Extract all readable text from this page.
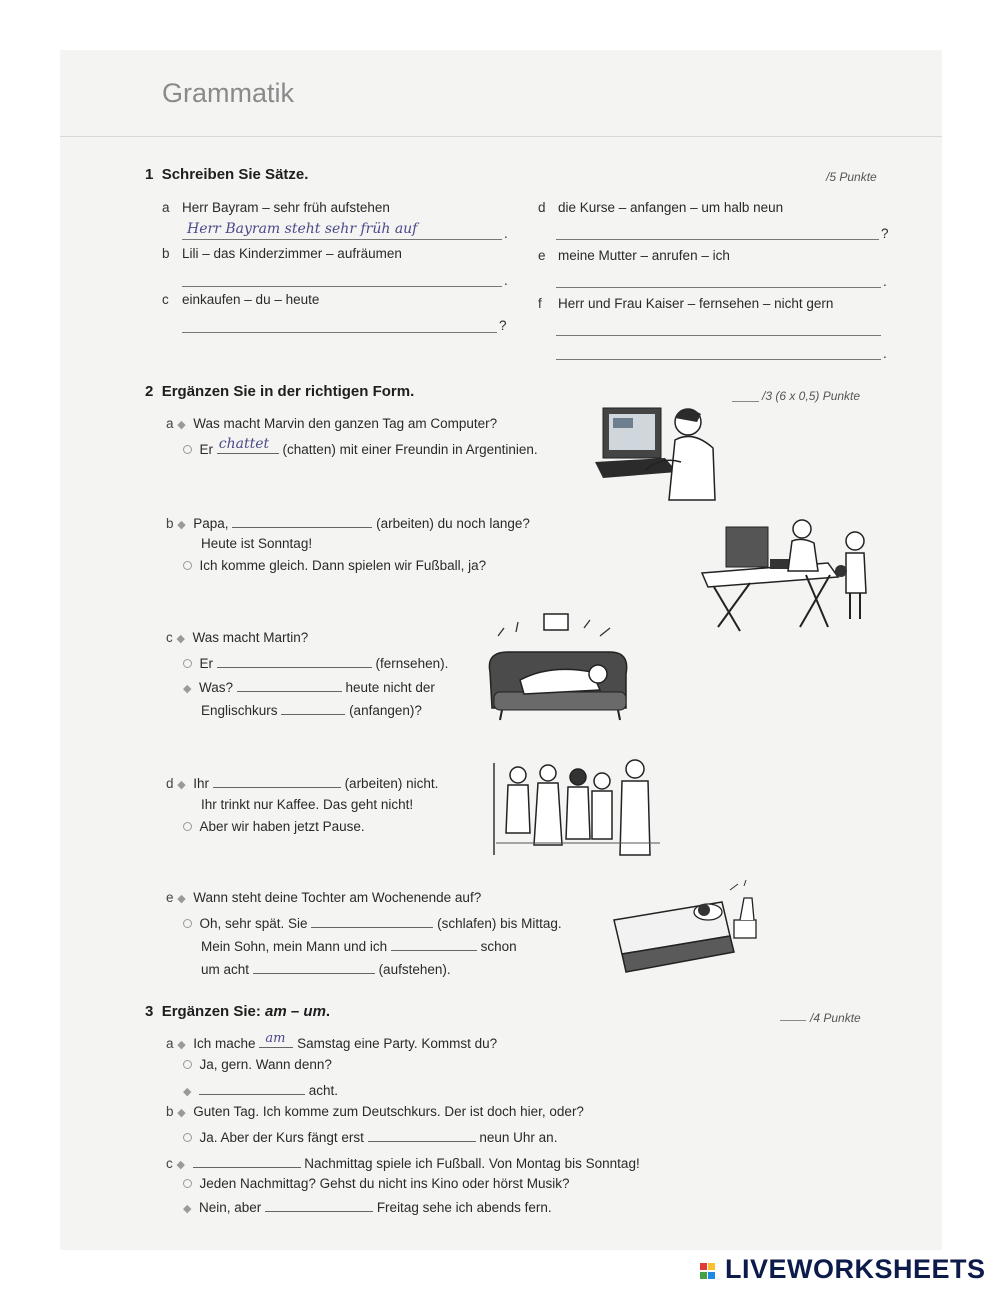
Grammatik
1 Schreiben Sie Sätze.	/5 Punkte
a Herr Bayram – sehr früh aufstehen
Herr Bayram steht sehr früh auf	.
b Lili – das Kinderzimmer – aufräumen
.
c einkaufen – du – heute
?
d die Kurse – anfangen – um halb neun
?
e meine Mutter – anrufen – ich
.
f Herr und Frau Kaiser – fernsehen – nicht gern
.
2 Ergänzen Sie in der richtigen Form.	/3 (6 x 0,5) Punkte
a ◆ Was macht Marvin den ganzen Tag am Computer?
Er chattet (chatten) mit einer Freundin in Argentinien.
b ◆ Papa,	(arbeiten) du noch lange?
Heute ist Sonntag!
Ich komme gleich. Dann spielen wir Fußball, ja?
c ◆ Was macht Martin?
Er	(fernsehen).
◆ Was?	heute nicht der
Englischkurs	(anfangen)?
d ◆ Ihr	(arbeiten) nicht.
Ihr trinkt nur Kaffee. Das geht nicht!
Aber wir haben jetzt Pause.
e ◆ Wann steht deine Tochter am Wochenende auf?
Oh, sehr spät. Sie	(schlafen) bis Mittag.
Mein Sohn, mein Mann und ich	schon
um acht	(aufstehen).
3 Ergänzen Sie: am – um.	/4 Punkte
a ◆ Ich mache am Samstag eine Party. Kommst du?
Ja, gern. Wann denn?
◆	acht.
b ◆ Guten Tag. Ich komme zum Deutschkurs. Der ist doch hier, oder?
Ja. Aber der Kurs fängt erst	neun Uhr an.
c ◆	Nachmittag spiele ich Fußball. Von Montag bis Sonntag!
Jeden Nachmittag? Gehst du nicht ins Kino oder hörst Musik?
◆ Nein, aber	Freitag sehe ich abends fern.

LIVEWORKSHEETS
